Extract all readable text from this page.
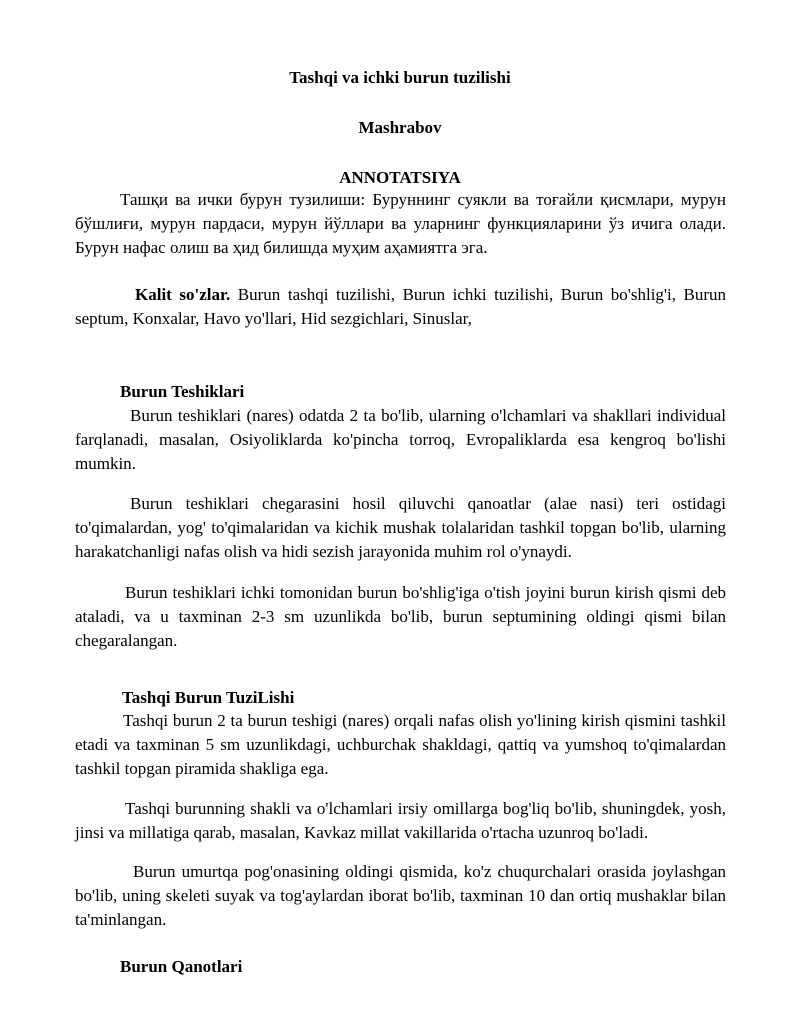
Tashqi va ichki burun tuzilishi
Mashrabov
ANNOTATSIYA
Ташқи ва ички бурун тузилиши: Буруннинг суякли ва тоғайли қисмлари, мурун бўшлиғи, мурун пардаси, мурун йўллари ва уларнинг функцияларини ўз ичига олади. Бурун нафас олиш ва ҳид билишда муҳим аҳамиятга эга.
Kalit so'zlar. Burun tashqi tuzilishi, Burun ichki tuzilishi, Burun bo'shlig'i, Burun septum, Konxalar, Havo yo'llari, Hid sezgichlari, Sinuslar,
Burun Teshiklari
Burun teshiklari (nares) odatda 2 ta bo'lib, ularning o'lchamlari va shakllari individual farqlanadi, masalan, Osiyoliklarda ko'pincha torroq, Evropaliklarda esa kengroq bo'lishi mumkin.
Burun teshiklari chegarasini hosil qiluvchi qanoatlar (alae nasi) teri ostidagi to'qimalardan, yog' to'qimalaridan va kichik mushak tolalaridan tashkil topgan bo'lib, ularning harakatchanligi nafas olish va hidi sezish jarayonida muhim rol o'ynaydi.
Burun teshiklari ichki tomonidan burun bo'shlig'iga o'tish joyini burun kirish qismi deb ataladi, va u taxminan 2-3 sm uzunlikda bo'lib, burun septumining oldingi qismi bilan chegaralangan.
Tashqi Burun TuziLishi
Tashqi burun 2 ta burun teshigi (nares) orqali nafas olish yo'lining kirish qismini tashkil etadi va taxminan 5 sm uzunlikdagi, uchburchak shakldagi, qattiq va yumshoq to'qimalardan tashkil topgan piramida shakliga ega.
Tashqi burunning shakli va o'lchamlari irsiy omillarga bog'liq bo'lib, shuningdek, yosh, jinsi va millatiga qarab, masalan, Kavkaz millat vakillarida o'rtacha uzunroq bo'ladi.
Burun umurtqa pog'onasining oldingi qismida, ko'z chuqurchalari orasida joylashgan bo'lib, uning skeleti suyak va tog'aylardan iborat bo'lib, taxminan 10 dan ortiq mushaklar bilan ta'minlangan.
Burun Qanotlari
